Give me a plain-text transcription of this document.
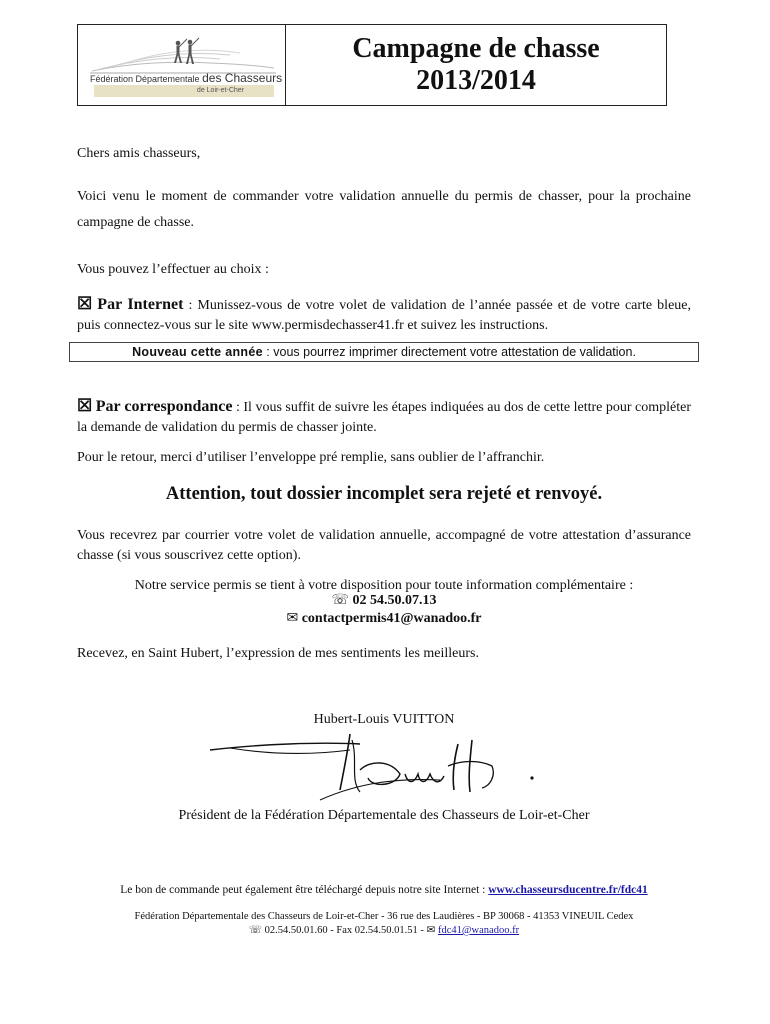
Fédération Départementale des Chasseurs
de Loir-et-Cher
Campagne de chasse
2013/2014
Chers amis chasseurs,
Voici venu le moment de commander votre validation annuelle du permis de chasser, pour la prochaine campagne de chasse.
Vous pouvez l’effectuer au choix :
☒ Par Internet : Munissez-vous de votre volet de validation de l’année passée et de votre carte bleue, puis connectez-vous sur le site www.permisdechasser41.fr et suivez les instructions.
Nouveau cette année : vous pourrez imprimer directement votre attestation de validation.
☒ Par correspondance : Il vous suffit de suivre les étapes indiquées au dos de cette lettre pour compléter la demande de validation du permis de chasser jointe.
Pour le retour, merci d’utiliser l’enveloppe pré remplie, sans oublier de l’affranchir.
Attention, tout dossier incomplet sera rejeté et renvoyé.
Vous recevrez par courrier votre volet de validation annuelle, accompagné de votre attestation d’assurance chasse (si vous souscrivez cette option).
Notre service permis se tient à votre disposition pour toute information complémentaire :
☏ 02 54.50.07.13
✉ contactpermis41@wanadoo.fr
Recevez, en Saint Hubert, l’expression de mes sentiments les meilleurs.
Hubert-Louis VUITTON
Président de la Fédération Départementale des Chasseurs de Loir-et-Cher
Le bon de commande peut également être téléchargé depuis notre site Internet : www.chasseursducentre.fr/fdc41
Fédération Départementale des Chasseurs de Loir-et-Cher - 36 rue des Laudières - BP 30068 - 41353 VINEUIL Cedex
☏ 02.54.50.01.60 - Fax 02.54.50.01.51 - ✉ fdc41@wanadoo.fr
